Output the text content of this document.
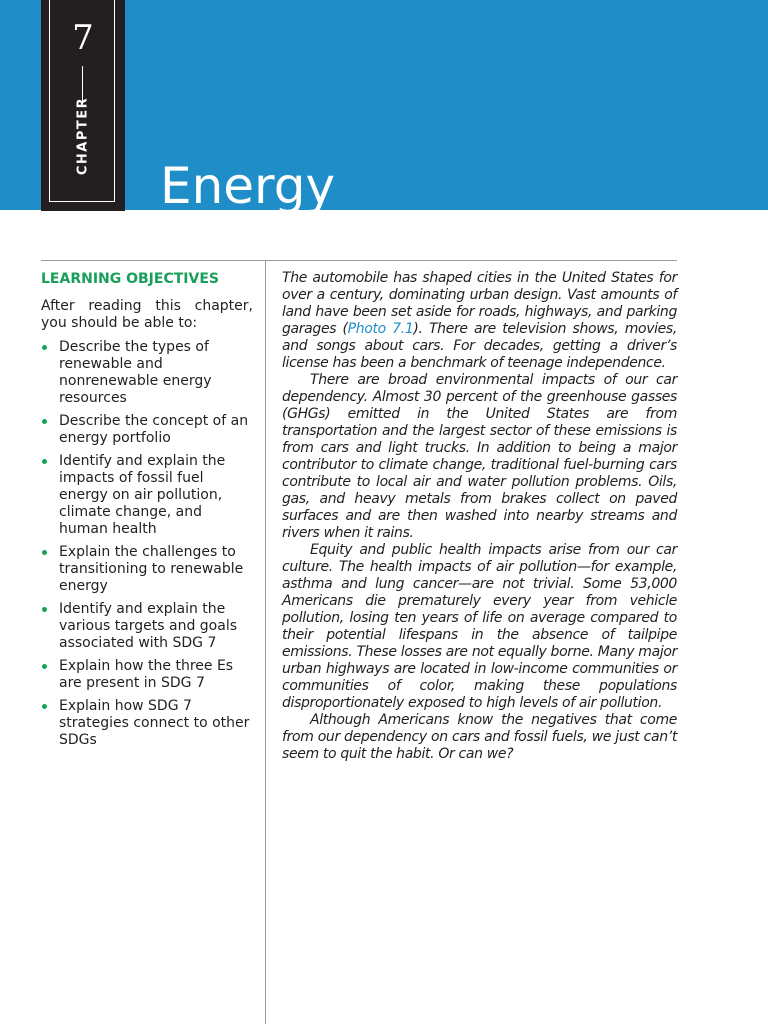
7
CHAPTER
Energy
LEARNING OBJECTIVES

After reading this chapter, you should be able to:

Describe the types of renewable and nonrenewable energy resources
Describe the concept of an energy portfolio
Identify and explain the impacts of fossil fuel energy on air pollution, climate change, and human health
Explain the challenges to transitioning to renewable energy
Identify and explain the various targets and goals associated with SDG 7
Explain how the three Es are present in SDG 7
Explain how SDG 7 strategies connect to other SDGs

The automobile has shaped cities in the United States for over a century, dominating urban design. Vast amounts of land have been set aside for roads, highways, and parking garages (Photo 7.1). There are television shows, movies, and songs about cars. For decades, getting a driver’s license has been a benchmark of teenage independence.

There are broad environmental impacts of our car dependency. Almost 30 percent of the greenhouse gasses (GHGs) emitted in the United States are from transportation and the largest sector of these emissions is from cars and light trucks. In addition to being a major contributor to climate change, traditional fuel-burning cars contribute to local air and water pollution problems. Oils, gas, and heavy metals from brakes collect on paved surfaces and are then washed into nearby streams and rivers when it rains.

Equity and public health impacts arise from our car culture. The health impacts of air pollution—for example, asthma and lung cancer—are not trivial. Some 53,000 Americans die prematurely every year from vehicle pollution, losing ten years of life on average compared to their potential lifespans in the absence of tailpipe emissions. These losses are not equally borne. Many major urban highways are located in low-income communities or communities of color, making these populations disproportionately exposed to high levels of air pollution.

Although Americans know the negatives that come from our dependency on cars and fossil fuels, we just can’t seem to quit the habit. Or can we?
